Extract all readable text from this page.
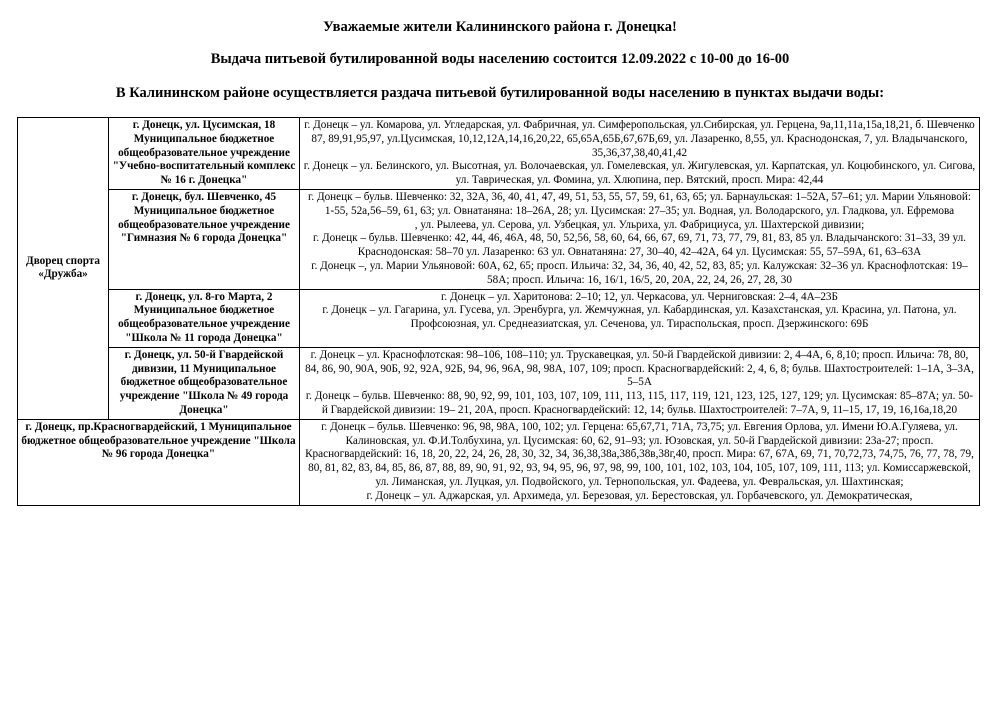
Уважаемые жители Калининского района г. Донецка!
Выдача питьевой бутилированной воды населению состоится 12.09.2022 с 10-00 до 16-00
В Калининском районе осуществляется раздача питьевой бутилированной воды населению в пунктах выдачи воды:
Дворец спорта «Дружба»	г. Донецк, ул. Цусимская, 18 Муниципальное бюджетное общеобразовательное учреждение "Учебно-воспитательный комплекс № 16 г. Донецка"	г. Донецк – ул. Комарова, ул. Угледарская, ул. Фабричная, ул. Симферопольская, ул.Сибирская, ул. Герцена, 9а,11,11а,15а,18,21, б. Шевченко 87, 89,91,95,97, ул.Цусимская, 10,12,12А,14,16,20,22, 65,65А,65Б,67,67Б,69, ул. Лазаренко, 8,55, ул. Краснодонская, 7, ул. Владычанского, 35,36,37,38,40,41,42
г. Донецк – ул. Белинского, ул. Высотная, ул. Волочаевская, ул. Гомелевская, ул. Жигулевская, ул. Карпатская, ул. Коцюбинского, ул. Сигова, ул. Таврическая, ул. Фомина, ул. Хлюпина, пер. Вятский, просп. Мира: 42,44

	г. Донецк, бул. Шевченко, 45 Муниципальное бюджетное общеобразовательное учреждение "Гимназия № 6 города Донецка"	г. Донецк – бульв. Шевченко: 32, 32А, 36, 40, 41, 47, 49, 51, 53, 55, 57, 59, 61, 63, 65; ул. Барнаульская: 1–52А, 57–61; ул. Марии Ульяновой: 1-55, 52а,56–59, 61, 63; ул. Овнатаняна: 18–26А, 28; ул. Цусимская: 27–35; ул. Водная, ул. Володарского, ул. Гладкова, ул. Ефремова
, ул. Рылеева, ул. Серова, ул. Узбецкая, ул. Ульриха, ул. Фабрициуса, ул. Шахтерской дивизии;
г. Донецк – бульв. Шевченко: 42, 44, 46, 46А, 48, 50, 52,56, 58, 60, 64, 66, 67, 69, 71, 73, 77, 79, 81, 83, 85 ул. Владычанского: 31–33, 39 ул. Краснодонская: 58–70 ул. Лазаренко: 63 ул. Овнатаняна: 27, 30–40, 42–42А, 64 ул. Цусимская: 55, 57–59А, 61, 63–63А
г. Донецк –, ул. Марии Ульяновой: 60А, 62, 65; просп. Ильича: 32, 34, 36, 40, 42, 52, 83, 85; ул. Калужская: 32–36 ул. Краснофлотская: 19–58А; просп. Ильича: 16, 16/1, 16/5, 20, 20А, 22, 24, 26, 27, 28, 30

	г. Донецк, ул. 8-го Марта, 2 Муниципальное бюджетное общеобразовательное учреждение "Школа № 11 города Донецка"	г. Донецк – ул. Харитонова: 2–10; 12, ул. Черкасова, ул. Черниговская: 2–4, 4А–23Б
г. Донецк – ул. Гагарина, ул. Гусева, ул. Эренбурга, ул. Жемчужная, ул. Кабардинская, ул. Казахстанская, ул. Красина, ул. Патона, ул. Профсоюзная, ул. Среднеазиатская, ул. Сеченова, ул. Тираспольская, просп. Дзержинского: 69Б

	г. Донецк, ул. 50-й Гвардейской дивизии, 11 Муниципальное бюджетное общеобразовательное учреждение "Школа № 49 города Донецка"	г. Донецк – ул. Краснофлотская: 98–106, 108–110; ул. Трускавецкая, ул. 50-й Гвардейской дивизии: 2, 4–4А, 6, 8,10; просп. Ильича: 78, 80, 84, 86, 90, 90А, 90Б, 92, 92А, 92Б, 94, 96, 96А, 98, 98А, 107, 109; просп. Красногвардейский: 2, 4, 6, 8; бульв. Шахтостроителей: 1–1А, 3–3А, 5–5А
г. Донецк – бульв. Шевченко: 88, 90, 92, 99, 101, 103, 107, 109, 111, 113, 115, 117, 119, 121, 123, 125, 127, 129; ул. Цусимская: 85–87А; ул. 50-й Гвардейской дивизии: 19– 21, 20А, просп. Красногвардейский: 12, 14; бульв. Шахтостроителей: 7–7А, 9, 11–15, 17, 19, 16,16а,18,20

г. Донецк, пр.Красногвардейский, 1 Муниципальное бюджетное общеобразовательное учреждение "Школа № 96 города Донецка"		г. Донецк – бульв. Шевченко: 96, 98, 98А, 100, 102; ул. Герцена: 65,67,71, 71А, 73,75; ул. Евгения Орлова, ул. Имени Ю.А.Гуляева, ул. Калиновская, ул. Ф.И.Толбухина, ул. Цусимская: 60, 62, 91–93; ул. Юзовская, ул. 50-й Гвардейской дивизии: 23а-27; просп. Красногвардейский: 16, 18, 20, 22, 24, 26, 28, 30, 32, 34, 36,38,38а,38б,38в,38г,40, просп. Мира: 67, 67А, 69, 71, 70,72,73, 74,75, 76, 77, 78, 79, 80, 81, 82, 83, 84, 85, 86, 87, 88, 89, 90, 91, 92, 93, 94, 95, 96, 97, 98, 99, 100, 101, 102, 103, 104, 105, 107, 109, 111, 113; ул. Комиссаржевской, ул. Лиманская, ул. Луцкая, ул. Подвойского, ул. Тернопольская, ул. Фадеева, ул. Февральская, ул. Шахтинская;
г. Донецк – ул. Аджарская, ул. Архимеда, ул. Березовая, ул. Берестовская, ул. Горбачевского, ул. Демократическая,
